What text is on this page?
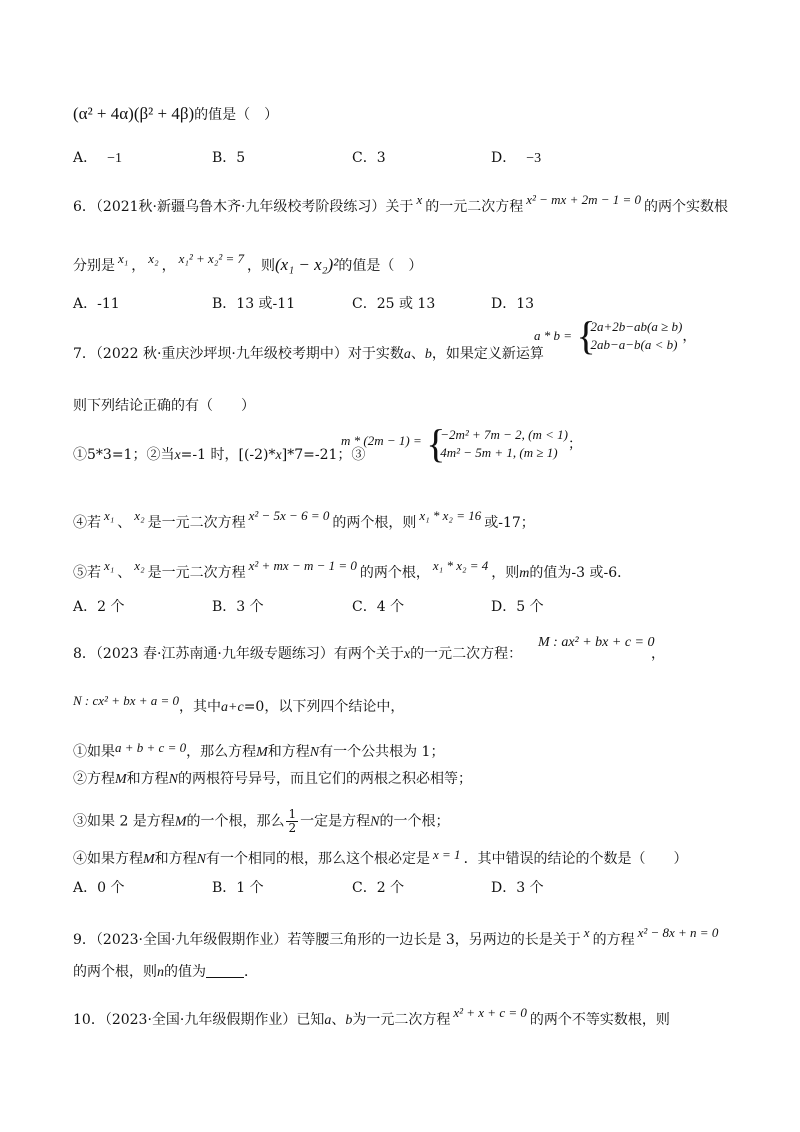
(α² + 4α)(β² + 4β)的值是（　）
A． −1	B．5	C．3	D． −3
6．（2021秋·新疆乌鲁木齐·九年级校考阶段练习）关于 x 的一元二次方程 x² − mx + 2m − 1 = 0 的两个实数根
分别是 x₁ ， x₂ ， x₁² + x₂² = 7 ，则(x₁ − x₂)²的值是（　）
A．-11	B．13 或-11	C．25 或 13	D．13
7．（2022 秋·重庆沙坪坝·九年级校考期中）对于实数a、b，如果定义新运算
a * b = {
2a+2b−ab(a ≥ b)
2ab−a−b(a < b) ，
则下列结论正确的有（　　）
①5*3=1；②当x=-1 时，[(-2)*x]*7=-21；③
m * (2m − 1) = {
−2m² + 7m − 2, (m < 1)
4m² − 5m + 1, (m ≥ 1) ；
④若 x₁ 、 x₂ 是一元二次方程 x² − 5x − 6 = 0 的两个根，则 x₁ * x₂ = 16 或-17；
⑤若 x₁ 、 x₂ 是一元二次方程 x² + mx − m − 1 = 0 的两个根， x₁ * x₂ = 4 ，则m的值为-3 或-6．
A．2 个	B．3 个	C．4 个	D．5 个
8．（2023 春·江苏南通·九年级专题练习）有两个关于x的一元二次方程：
M : ax² + bx + c = 0
，
N : cx² + bx + a = 0，其中a+c=0，以下列四个结论中，
①如果a + b + c = 0，那么方程M和方程N有一个公共根为 1；
②方程M和方程N的两根符号异号，而且它们的两根之积必相等；
③如果 2 是方程M的一个根，那么 $\frac{1}{2}$ 一定是方程N的一个根；
④如果方程M和方程N有一个相同的根，那么这个根必定是 x = 1 ．其中错误的结论的个数是（　　）
A．0 个	B．1 个	C．2 个	D．3 个
9．（2023·全国·九年级假期作业）若等腰三角形的一边长是 3，另两边的长是关于 x 的方程 x² − 8x + n = 0
的两个根，则n的值为	．
10．（2023·全国·九年级假期作业）已知a、b为一元二次方程 x² + x + c = 0 的两个不等实数根，则
